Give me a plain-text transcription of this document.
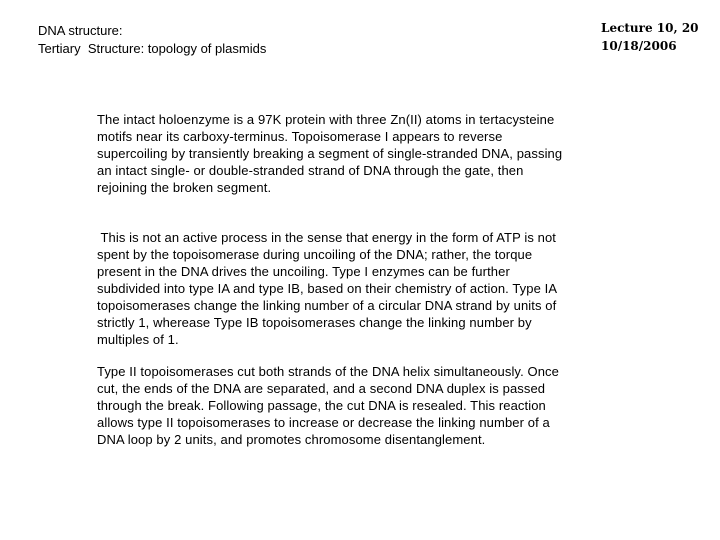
DNA structure:
Tertiary  Structure: topology of plasmids
Lecture 10, 20
10/18/2006

The intact holoenzyme is a 97K protein with three Zn(II) atoms in tertacysteine
motifs near its carboxy-terminus. Topoisomerase I appears to reverse
supercoiling by transiently breaking a segment of single-stranded DNA, passing
an intact single- or double-stranded strand of DNA through the gate, then
rejoining the broken segment.

This is not an active process in the sense that energy in the form of ATP is not
spent by the topoisomerase during uncoiling of the DNA; rather, the torque
present in the DNA drives the uncoiling. Type I enzymes can be further
subdivided into type IA and type IB, based on their chemistry of action. Type IA
topoisomerases change the linking number of a circular DNA strand by units of
strictly 1, wherease Type IB topoisomerases change the linking number by
multiples of 1.

Type II topoisomerases cut both strands of the DNA helix simultaneously. Once
cut, the ends of the DNA are separated, and a second DNA duplex is passed
through the break. Following passage, the cut DNA is resealed. This reaction
allows type II topoisomerases to increase or decrease the linking number of a
DNA loop by 2 units, and promotes chromosome disentanglement.
